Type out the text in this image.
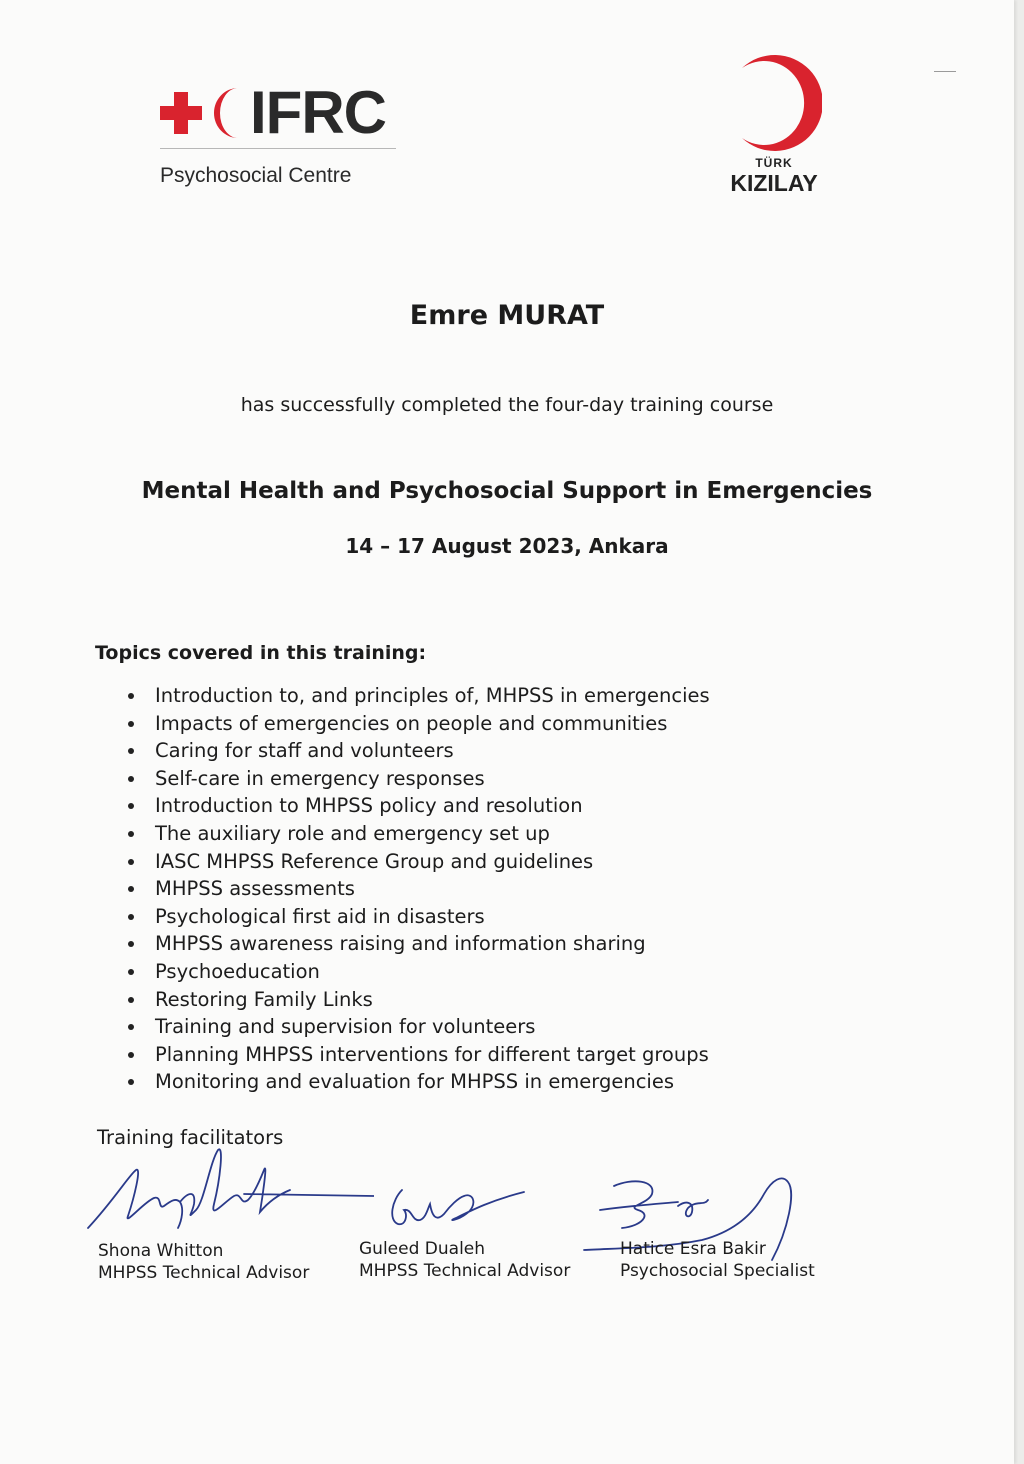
IFRC
Psychosocial Centre
TÜRK
KIZILAY
Emre MURAT
has successfully completed the four-day training course
Mental Health and Psychosocial Support in Emergencies
14 – 17 August 2023, Ankara
Topics covered in this training:
Introduction to, and principles of, MHPSS in emergencies
Impacts of emergencies on people and communities
Caring for staff and volunteers
Self-care in emergency responses
Introduction to MHPSS policy and resolution
The auxiliary role and emergency set up
IASC MHPSS Reference Group and guidelines
MHPSS assessments
Psychological first aid in disasters
MHPSS awareness raising and information sharing
Psychoeducation
Restoring Family Links
Training and supervision for volunteers
Planning MHPSS interventions for different target groups
Monitoring and evaluation for MHPSS in emergencies
Training facilitators
Shona Whitton
MHPSS Technical Advisor
Guleed Dualeh
MHPSS Technical Advisor
Hatice Esra Bakir
Psychosocial Specialist
